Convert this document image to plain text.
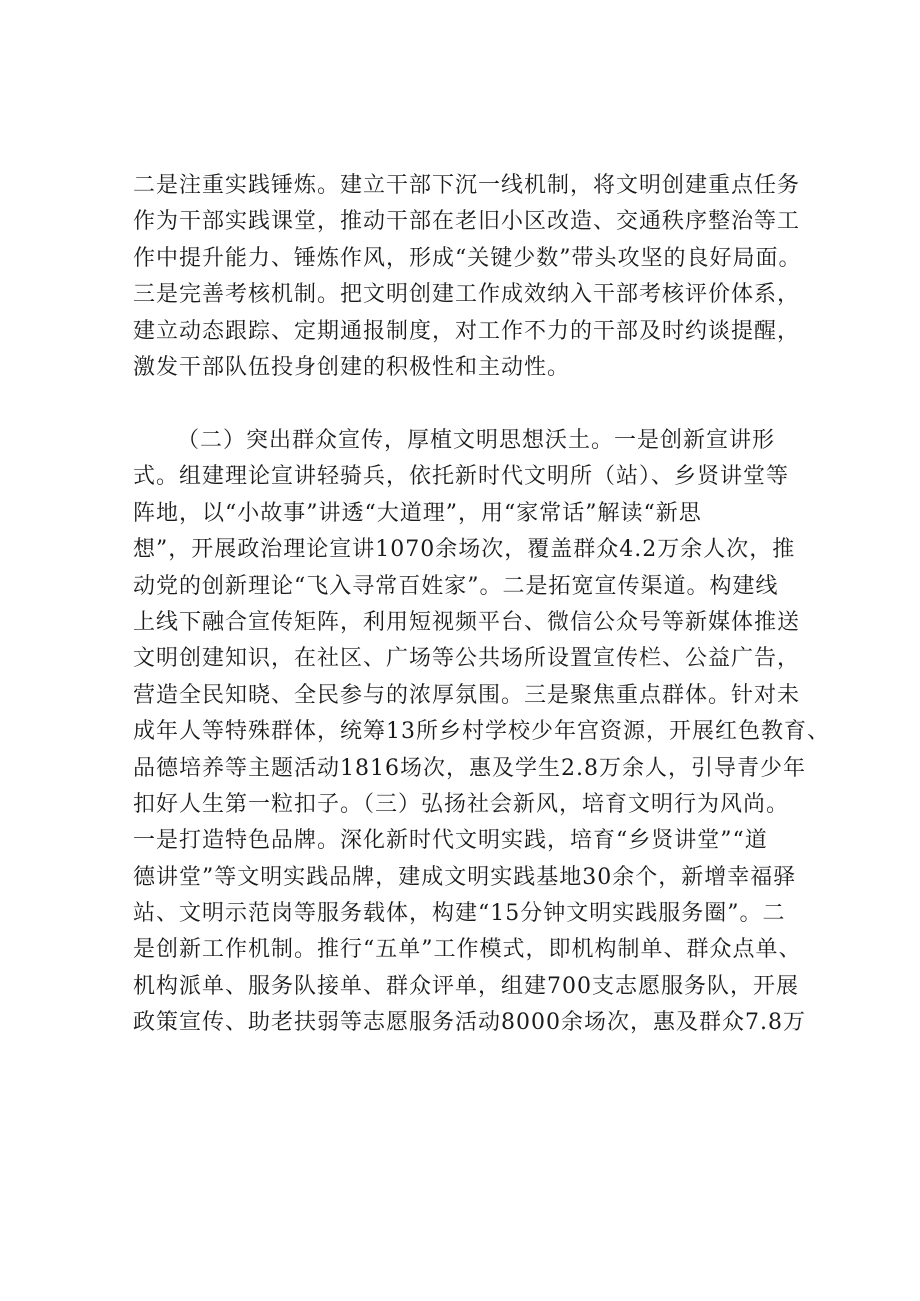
二是注重实践锤炼。建立干部下沉一线机制，将文明创建重点任务
作为干部实践课堂，推动干部在老旧小区改造、交通秩序整治等工
作中提升能力、锤炼作风，形成“关键少数”带头攻坚的良好局面。
三是完善考核机制。把文明创建工作成效纳入干部考核评价体系，
建立动态跟踪、定期通报制度，对工作不力的干部及时约谈提醒，
激发干部队伍投身创建的积极性和主动性。
（二）突出群众宣传，厚植文明思想沃土。一是创新宣讲形
式。组建理论宣讲轻骑兵，依托新时代文明所（站）、乡贤讲堂等
阵地，以“小故事”讲透“大道理”，用“家常话”解读“新思
想”，开展政治理论宣讲1070余场次，覆盖群众4.2万余人次，推
动党的创新理论“飞入寻常百姓家”。二是拓宽宣传渠道。构建线
上线下融合宣传矩阵，利用短视频平台、微信公众号等新媒体推送
文明创建知识，在社区、广场等公共场所设置宣传栏、公益广告，
营造全民知晓、全民参与的浓厚氛围。三是聚焦重点群体。针对未
成年人等特殊群体，统筹13所乡村学校少年宫资源，开展红色教育、
品德培养等主题活动1816场次，惠及学生2.8万余人，引导青少年
扣好人生第一粒扣子。（三）弘扬社会新风，培育文明行为风尚。
一是打造特色品牌。深化新时代文明实践，培育“乡贤讲堂”“道
德讲堂”等文明实践品牌，建成文明实践基地30余个，新增幸福驿
站、文明示范岗等服务载体，构建“15分钟文明实践服务圈”。二
是创新工作机制。推行“五单”工作模式，即机构制单、群众点单、
机构派单、服务队接单、群众评单，组建700支志愿服务队，开展
政策宣传、助老扶弱等志愿服务活动8000余场次，惠及群众7.8万
